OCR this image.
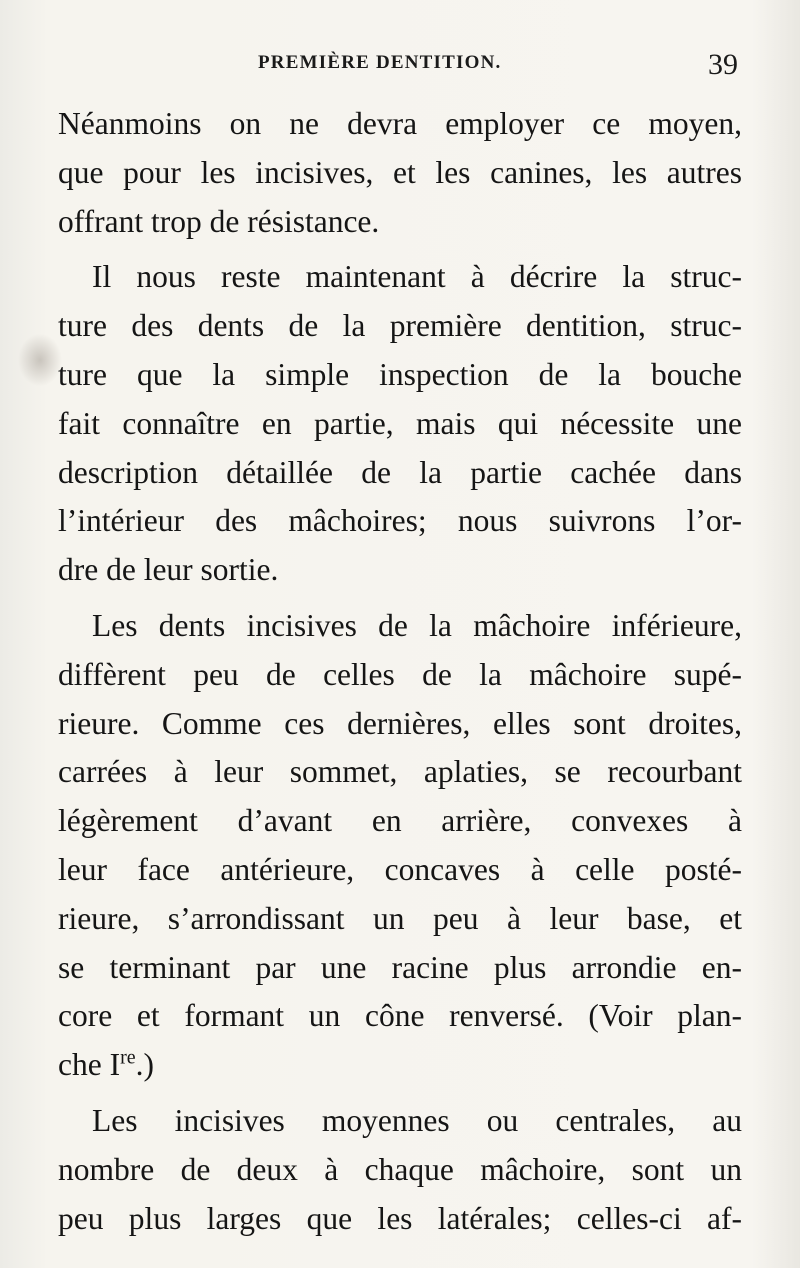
PREMIÈRE DENTITION.	39

Néanmoins on ne devra employer ce moyen,
que pour les incisives, et les canines, les autres
offrant trop de résistance.

Il nous reste maintenant à décrire la struc-
ture des dents de la première dentition, struc-
ture que la simple inspection de la bouche
fait connaître en partie, mais qui nécessite une
description détaillée de la partie cachée dans
l’intérieur des mâchoires; nous suivrons l’or-
dre de leur sortie.

Les dents incisives de la mâchoire inférieure,
diffèrent peu de celles de la mâchoire supé-
rieure. Comme ces dernières, elles sont droites,
carrées à leur sommet, aplaties, se recourbant
légèrement d’avant en arrière, convexes à
leur face antérieure, concaves à celle posté-
rieure, s’arrondissant un peu à leur base, et
se terminant par une racine plus arrondie en-
core et formant un cône renversé. (Voir plan-
che Ire.)

Les incisives moyennes ou centrales, au
nombre de deux à chaque mâchoire, sont un
peu plus larges que les latérales; celles-ci af-
